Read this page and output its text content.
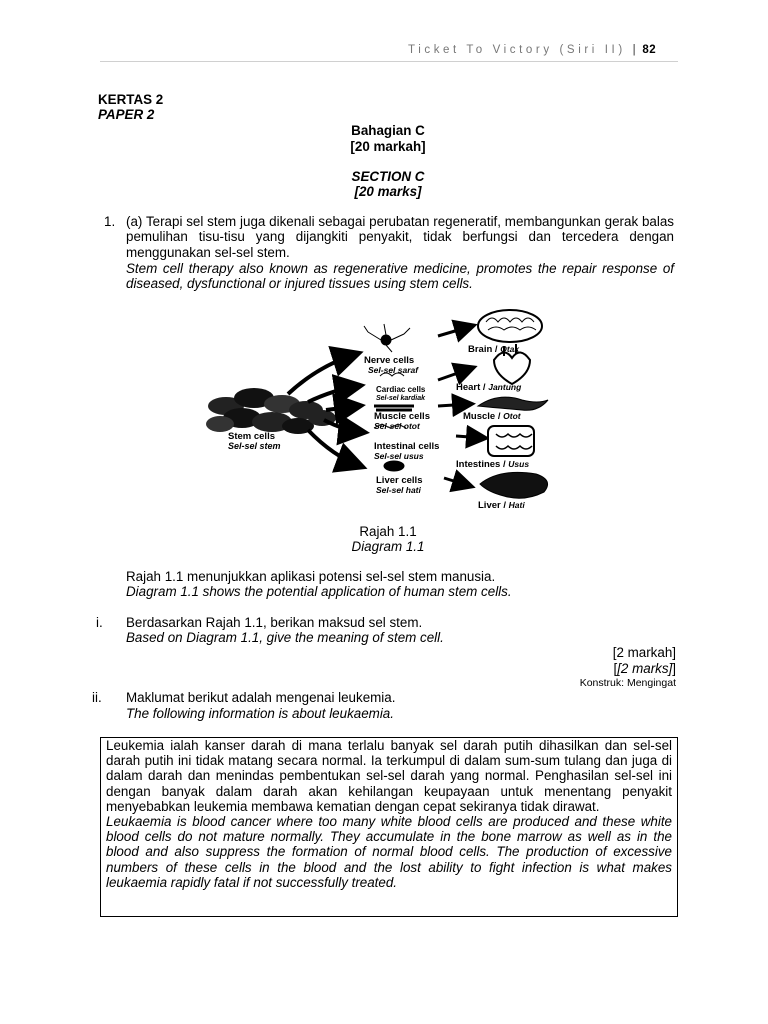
Ticket To Victory (Siri II) | 82
KERTAS 2
PAPER 2
Bahagian C
[20 markah]
SECTION C
[20 marks]
1. (a) Terapi sel stem juga dikenali sebagai perubatan regeneratif, membangunkan gerak balas pemulihan tisu-tisu yang dijangkiti penyakit, tidak berfungsi dan tercedera dengan menggunakan sel-sel stem.
Stem cell therapy also known as regenerative medicine, promotes the repair response of diseased, dysfunctional or injured tissues using stem cells.
Stem cells
Sel-sel stem
Nerve cells
Sel-sel saraf
Cardiac cells
Sel-sel kardiak
Muscle cells
Sel-sel otot
Intestinal cells
Sel-sel usus
Liver cells
Sel-sel hati
Brain / Otak
Heart / Jantung
Muscle / Otot
Intestines / Usus
Liver / Hati
Rajah 1.1
Diagram 1.1
Rajah 1.1 menunjukkan aplikasi potensi sel-sel stem manusia.
Diagram 1.1 shows the potential application of human stem cells.
i. Berdasarkan Rajah 1.1, berikan maksud sel stem.
Based on Diagram 1.1, give the meaning of stem cell.
[2 markah]
[[2 marks]]
Konstruk: Mengingat
ii. Maklumat berikut adalah mengenai leukemia.
The following information is about leukaemia.

Leukemia ialah kanser darah di mana terlalu banyak sel darah putih dihasilkan dan sel-sel darah putih ini tidak matang secara normal. Ia terkumpul di dalam sum-sum tulang dan juga di dalam darah dan menindas pembentukan sel-sel darah yang normal. Penghasilan sel-sel ini dengan banyak dalam darah akan kehilangan keupayaan untuk menentang penyakit menyebabkan leukemia membawa kematian dengan cepat sekiranya tidak dirawat.

Leukaemia is blood cancer where too many white blood cells are produced and these white blood cells do not mature normally. They accumulate in the bone marrow as well as in the blood and also suppress the formation of normal blood cells. The production of excessive numbers of these cells in the blood and the lost ability to fight infection is what makes leukaemia rapidly fatal if not successfully treated.
